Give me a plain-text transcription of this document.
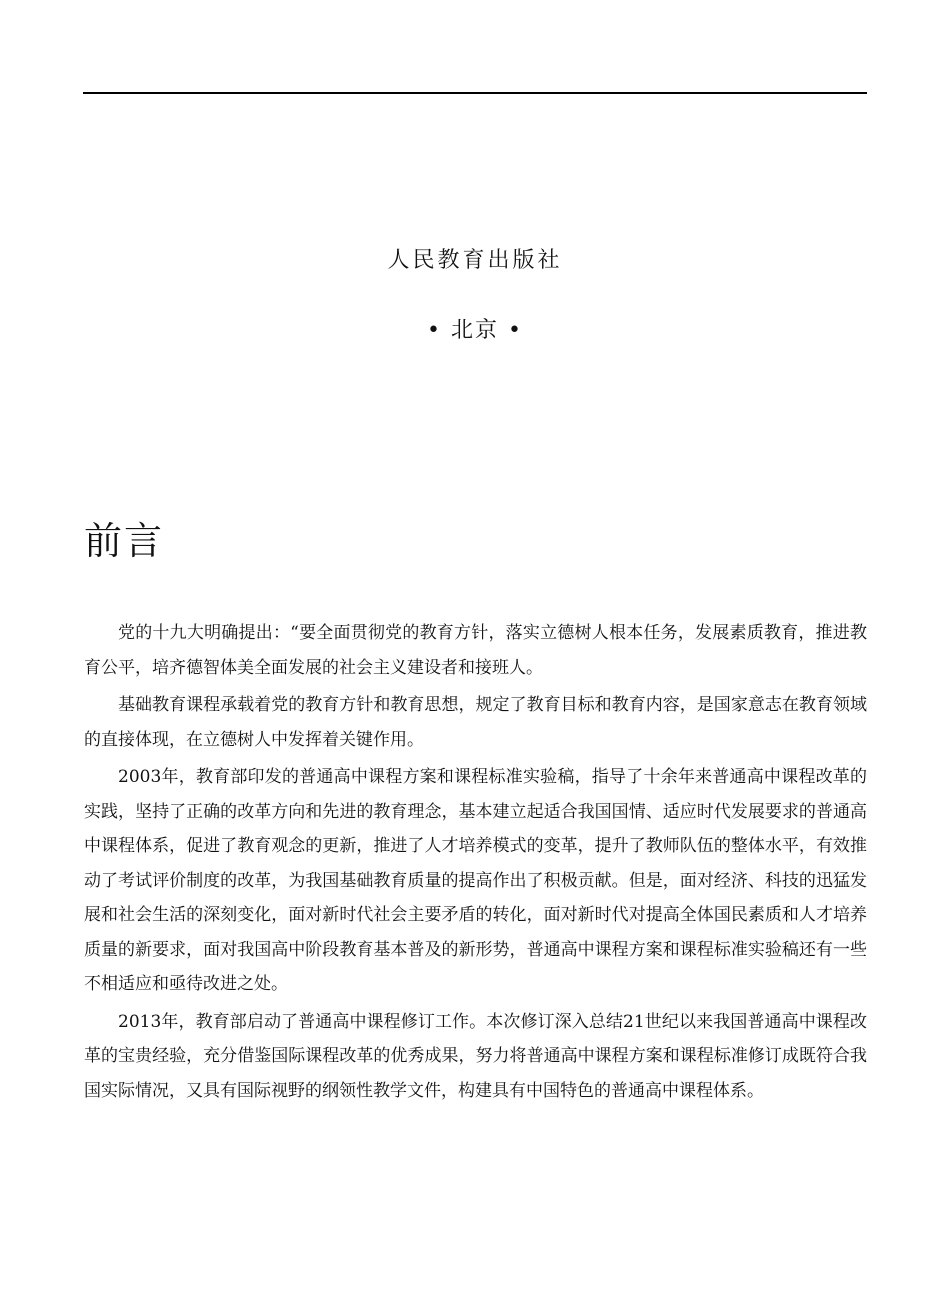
人民教育出版社
• 北京 •
前言

党的十九大明确提出：“要全面贯彻党的教育方针，落实立德树人根本任务，发展素质教育，推进教育公平，培齐德智体美全面发展的社会主义建设者和接班人。

基础教育课程承载着党的教育方针和教育思想，规定了教育目标和教育内容，是国家意志在教育领域的直接体现，在立德树人中发挥着关键作用。

2003年，教育部印发的普通高中课程方案和课程标准实验稿，指导了十余年来普通高中课程改革的实践，坚持了正确的改革方向和先进的教育理念，基本建立起适合我国国情、适应时代发展要求的普通高中课程体系，促进了教育观念的更新，推进了人才培养模式的变革，提升了教师队伍的整体水平，有效推动了考试评价制度的改革，为我国基础教育质量的提高作出了积极贡献。但是，面对经济、科技的迅猛发展和社会生活的深刻变化，面对新时代社会主要矛盾的转化，面对新时代对提高全体国民素质和人才培养质量的新要求，面对我国高中阶段教育基本普及的新形势，普通高中课程方案和课程标准实验稿还有一些不相适应和亟待改进之处。

2013年，教育部启动了普通高中课程修订工作。本次修订深入总结21世纪以来我国普通高中课程改革的宝贵经验，充分借鉴国际课程改革的优秀成果，努力将普通高中课程方案和课程标准修订成既符合我国实际情况，又具有国际视野的纲领性教学文件，构建具有中国特色的普通高中课程体系。
